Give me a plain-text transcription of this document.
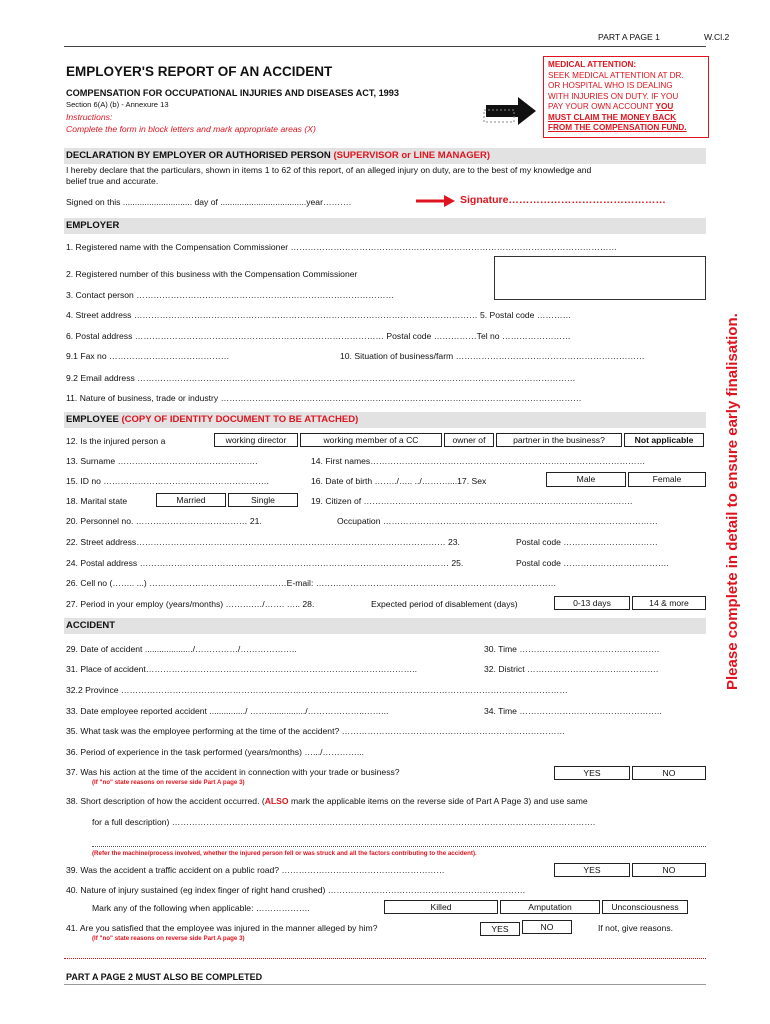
PART A PAGE 1	W.Cl.2
EMPLOYER'S REPORT OF AN ACCIDENT
COMPENSATION FOR OCCUPATIONAL INJURIES AND DISEASES ACT, 1993
Section 6(A) (b) - Annexure 13
Instructions:
Complete the form in block letters and mark appropriate areas (X)
MEDICAL ATTENTION:
SEEK MEDICAL ATTENTION AT DR.
OR HOSPITAL WHO IS DEALING
WITH INJURIES ON DUTY. IF YOU
PAY YOUR OWN ACCOUNT YOU
MUST CLAIM THE MONEY BACK
FROM THE COMPENSATION FUND.
DECLARATION BY EMPLOYER OR AUTHORISED PERSON (SUPERVISOR or LINE MANAGER)
I hereby declare that the particulars, shown in items 1 to 62 of this report, of an alleged injury on duty, are to the best of my knowledge and
belief true and accurate.
Signed on this ............................. day of ....................................year……….	Signature………………………………………
EMPLOYER
1. Registered name with the Compensation Commissioner ……………………………………………………………………………………………………
2. Registered number of this business with the Compensation Commissioner
3. Contact person ………………………………………………………………………………
4. Street address ………………………………………………………………………………………………………… 5. Postal code …………
6. Postal address …………………………………………………………………………… Postal code ……………Tel no ……………………
9.1 Fax no ……………………………………	10. Situation of business/farm …………………………………………………………
9.2 Email address ………………………………………………………………………………………………………………………………………
11. Nature of business, trade or industry ………………………………………………………………………………………………………………
EMPLOYEE (COPY OF IDENTITY DOCUMENT TO BE ATTACHED)
12. Is the injured person a	working director	working member of a CC	owner of	partner in the business?	Not applicable
13. Surname ………………………………………….	14. First names……………………………………………………………………………………
15. ID no ………………………………………………….	16. Date of birth ……../….. ../………....17. Sex	Male	Female
18. Marital state	Married	Single	19. Citizen of ………………………………………………………………………………….
20. Personnel no. ………………………………… 21.	Occupation ……………………………………………………………………………………
22. Street address……………………………………………………………………………………………… 23.	Postal code ……………………………
24. Postal address ……………………………………………………………………………………………… 25.	Postal code ……………………………….
26. Cell no (…….. ...) …………………………………………E-mail: …………………………………………………………………………
27. Period in your employ (years/months) ……….…/……. ….. 28.	Expected period of disablement (days)	0-13 days	14 & more
ACCIDENT
29. Date of accident ..................../……………/………………..	30. Time ………………………………………….
31. Place of accident…………………………………………………………………………………..	32. District ……………………………………….
32.2 Province …………………………………………………………………………………………………………………………………………
33. Date employee reported accident .............../ ……................/………………..……...	34. Time …………………………………………..
35. What task was the employee performing at the time of the accident? ……………………………………………………………………
36. Period of experience in the task performed (years/months) ….../…………...
37. Was his action at the time of the accident in connection with your trade or business?
(If "no" state reasons on reverse side Part A page 3)
YES	NO
38. Short description of how the accident occurred. (ALSO mark the applicable items on the reverse side of Part A Page 3) and use same
for a full description) ………………………………………………………………………………………………………………………………….
(Refer the machine/process involved, whether the injured person fell or was struck and all the factors contributing to the accident).
39. Was the accident a traffic accident on a public road? …………………………………………………	YES	NO
40. Nature of injury sustained (eg index finger of right hand crushed) ……………………………………………………………
Mark any of the following when applicable: ……………….	Killed	Amputation	Unconsciousness
41. Are you satisfied that the employee was injured in the manner alleged by him?
(If "no" state reasons on reverse side Part A page 3)
YES	NO	If not, give reasons.
PART A PAGE 2 MUST ALSO BE COMPLETED
Please complete in detail to ensure early finalisation.
